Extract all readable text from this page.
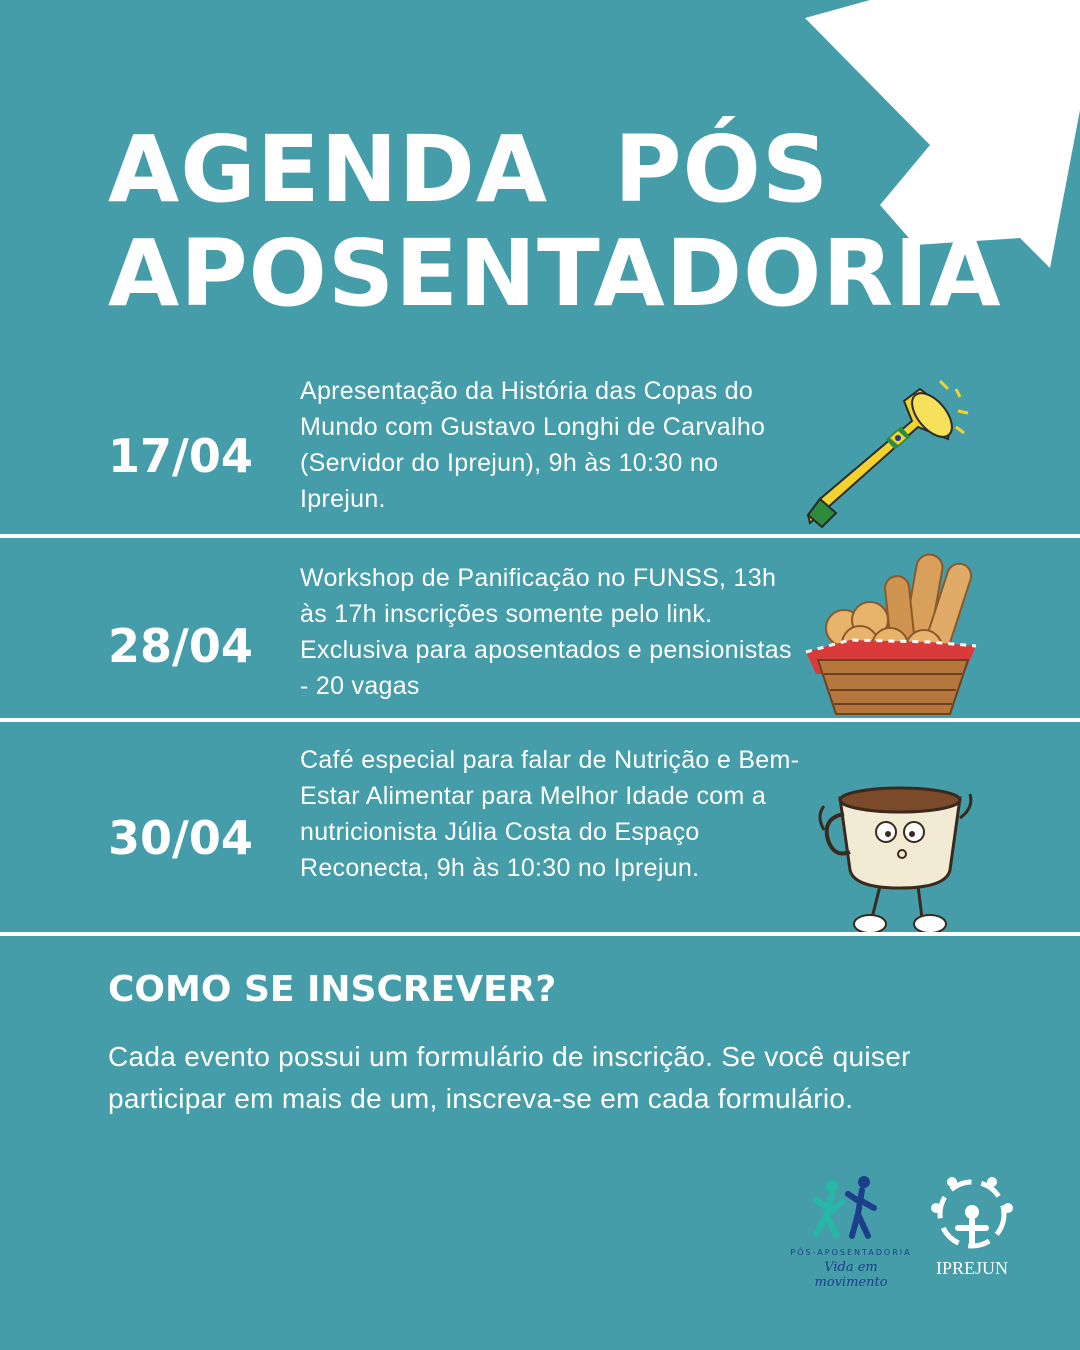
AGENDA  PÓS
APOSENTADORIA
17/04
Apresentação da História das Copas do Mundo com Gustavo Longhi de Carvalho (Servidor do Iprejun), 9h às 10:30 no Iprejun.
28/04
Workshop de Panificação no FUNSS, 13h às 17h inscrições somente pelo link. Exclusiva para aposentados e pensionistas - 20 vagas
30/04
Café especial para falar de Nutrição e Bem-Estar Alimentar para Melhor Idade com a nutricionista Júlia Costa do Espaço Reconecta, 9h às 10:30 no Iprejun.
COMO SE INSCREVER?
Cada evento possui um formulário de inscrição. Se você quiser participar em mais de um, inscreva-se em cada formulário.
PÓS-APOSENTADORIA
Vida em movimento
IPREJUN
